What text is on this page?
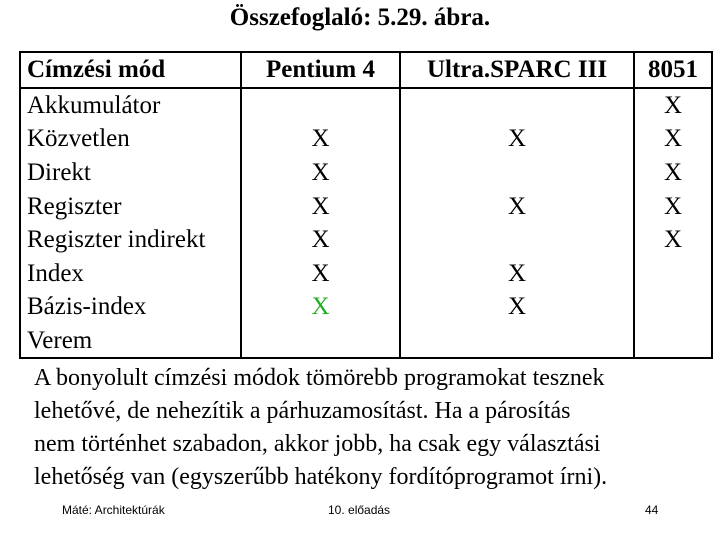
Összefoglaló: 5.29. ábra.
Címzési mód	Pentium 4	Ultra.SPARC III	8051
Akkumulátor			X
Közvetlen	X	X	X
Direkt	X		X
Regiszter	X	X	X
Regiszter indirekt	X		X
Index	X	X	
Bázis-index	X	X	
Verem			

A bonyolult címzési módok tömörebb programokat tesznek

lehetővé, de nehezítik a párhuzamosítást. Ha a párosítás

nem történhet szabadon, akkor jobb, ha csak egy választási

lehetőség van (egyszerűbb hatékony fordítóprogramot írni).

Máté: Architektúrák	10. előadás	44
